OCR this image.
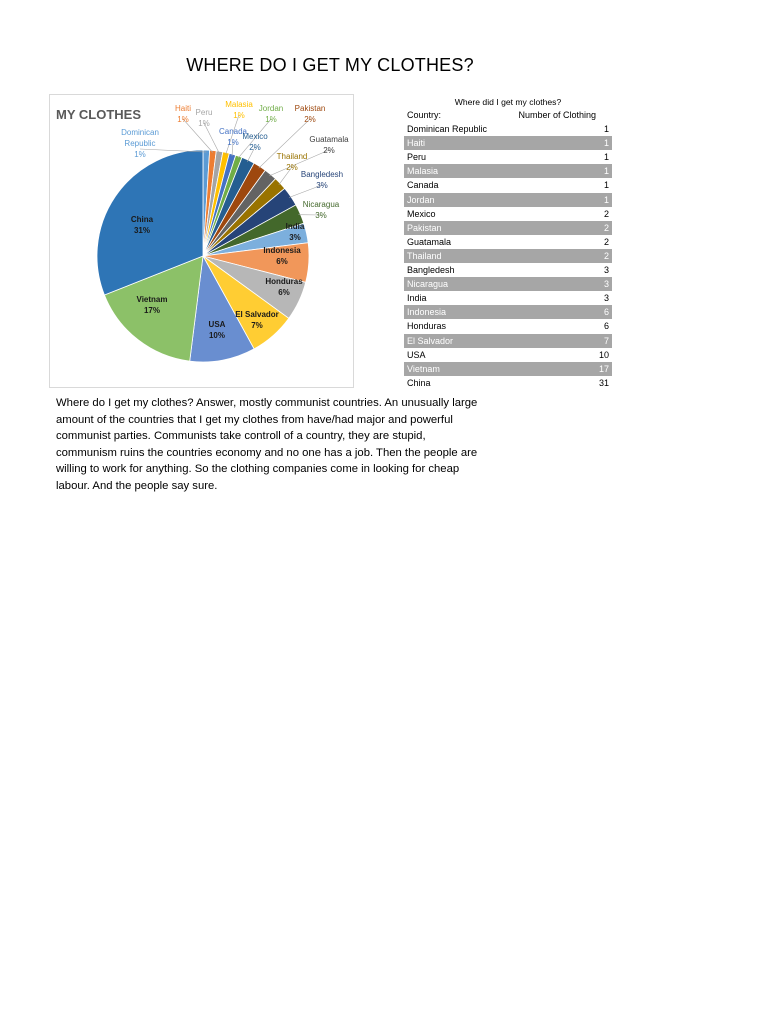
WHERE DO I GET MY CLOTHES?
MY CLOTHES
Dominican Republic 1%
Haiti 1%
Peru 1%
Malasia 1%
Canada 1%
Jordan 1%
Mexico 2%
Pakistan 2%
Guatamala 2%
Thailand 2%
Bangledesh 3%
Nicaragua 3%
India 3%
Indonesia 6%
Honduras 6%
El Salvador 7%
USA 10%
Vietnam 17%
China 31%
Where did I get my clothes?
Country:	Number of Clothing
Dominican Republic	1
Haiti	1
Peru	1
Malasia	1
Canada	1
Jordan	1
Mexico	2
Pakistan	2
Guatamala	2
Thailand	2
Bangledesh	3
Nicaragua	3
India	3
Indonesia	6
Honduras	6
El Salvador	7
USA	10
Vietnam	17
China	31
Where do I get my clothes? Answer, mostly communist countries. An unusually large amount of the countries that I get my clothes from have/had major and powerful communist parties. Communists take controll of a country, they are stupid, communism ruins the countries economy and no one has a job. Then the people are willing to work for anything. So the clothing companies come in looking for cheap labour. And the people say sure.
